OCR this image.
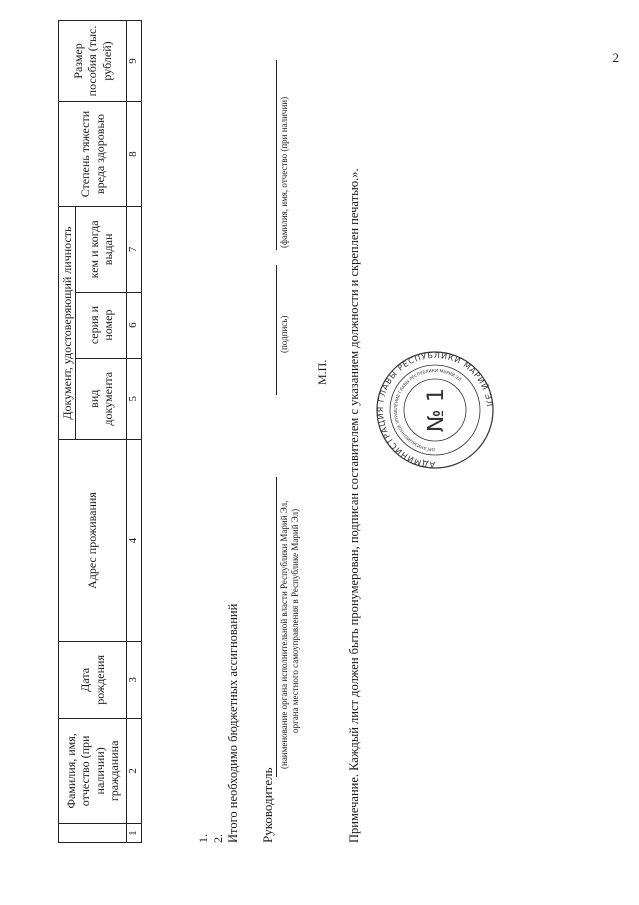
2
	Фамилия, имя, отчество (при наличии) гражданина	Дата рождения	Адрес проживания	Документ, удостоверяющий личность			Степень тяжести вреда здоровью	Размер пособия (тыс. рублей)
				вид документа	серия и номер	кем и когда выдан		
1	2	3	4	5	6	7	8	9
1. 2. Итого необходимо бюджетных ассигнований Руководитель
(наименование органа исполнительной власти Республики Марий Эл, органа местного самоуправления в Республике Марий Эл)
(подпись)
(фамилия, имя, отчество (при наличии)
М.П.
АДМИНИСТРАЦИЯ ГЛАВЫ РЕСПУБЛИКИ МАРИЙ ЭЛ
ОРГАНИЗАЦИОННОЕ УПРАВЛЕНИЕ ГЛАВЫ РЕСПУБЛИКИ МАРИЙ ЭЛ
№ 1
Примечание. Каждый лист должен быть пронумерован, подписан составителем с указанием должности и скреплен печатью.».
